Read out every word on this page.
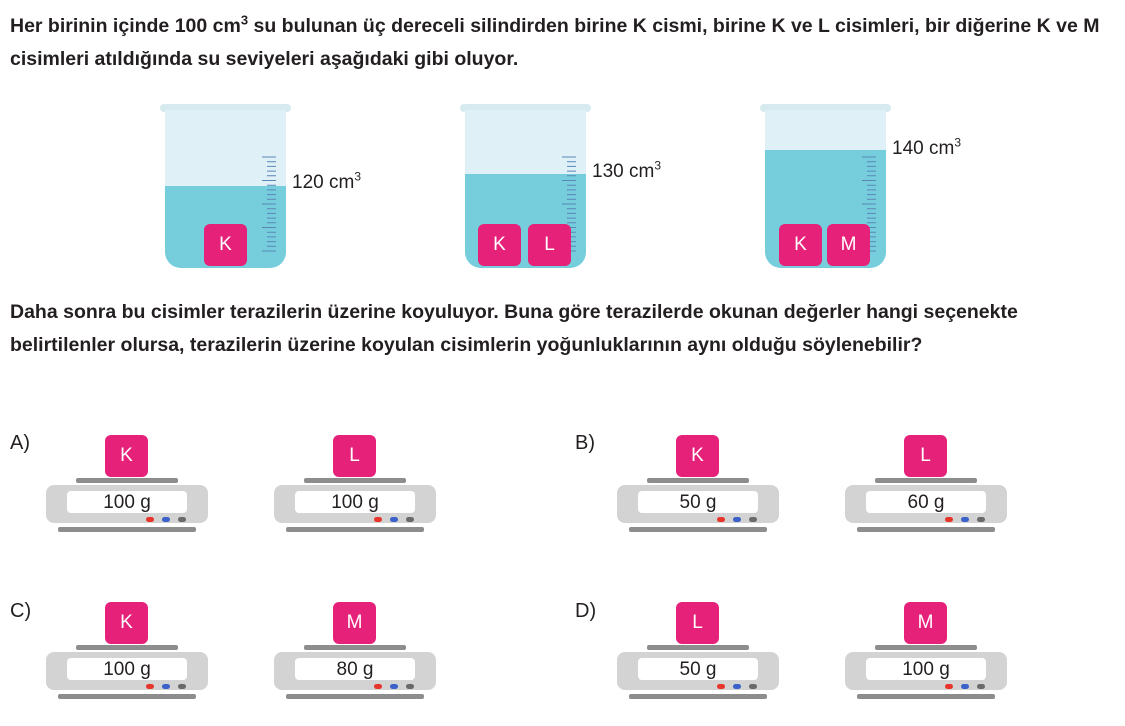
Her birinin içinde 100 $cm^3$ su bulunan üç dereceli silindirden birine K cismi, birine K ve L cisimleri, bir diğerine K ve M cisimleri atıldığında su seviyeleri aşağıdaki gibi oluyor.

K
120 $cm^3$
K	L
130 $cm^3$
K	M
140 $cm^3$

Daha sonra bu cisimler terazilerin üzerine koyuluyor. Buna göre terazilerde okunan değerler hangi seçenekte belirtilenler olursa, terazilerin üzerine koyulan cisimlerin yoğunluklarının aynı olduğu söylenebilir?

A)
K
100 g
L
100 g
B)
K
50 g
L
60 g
C)
K
100 g
M
80 g
D)
L
50 g
M
100 g
